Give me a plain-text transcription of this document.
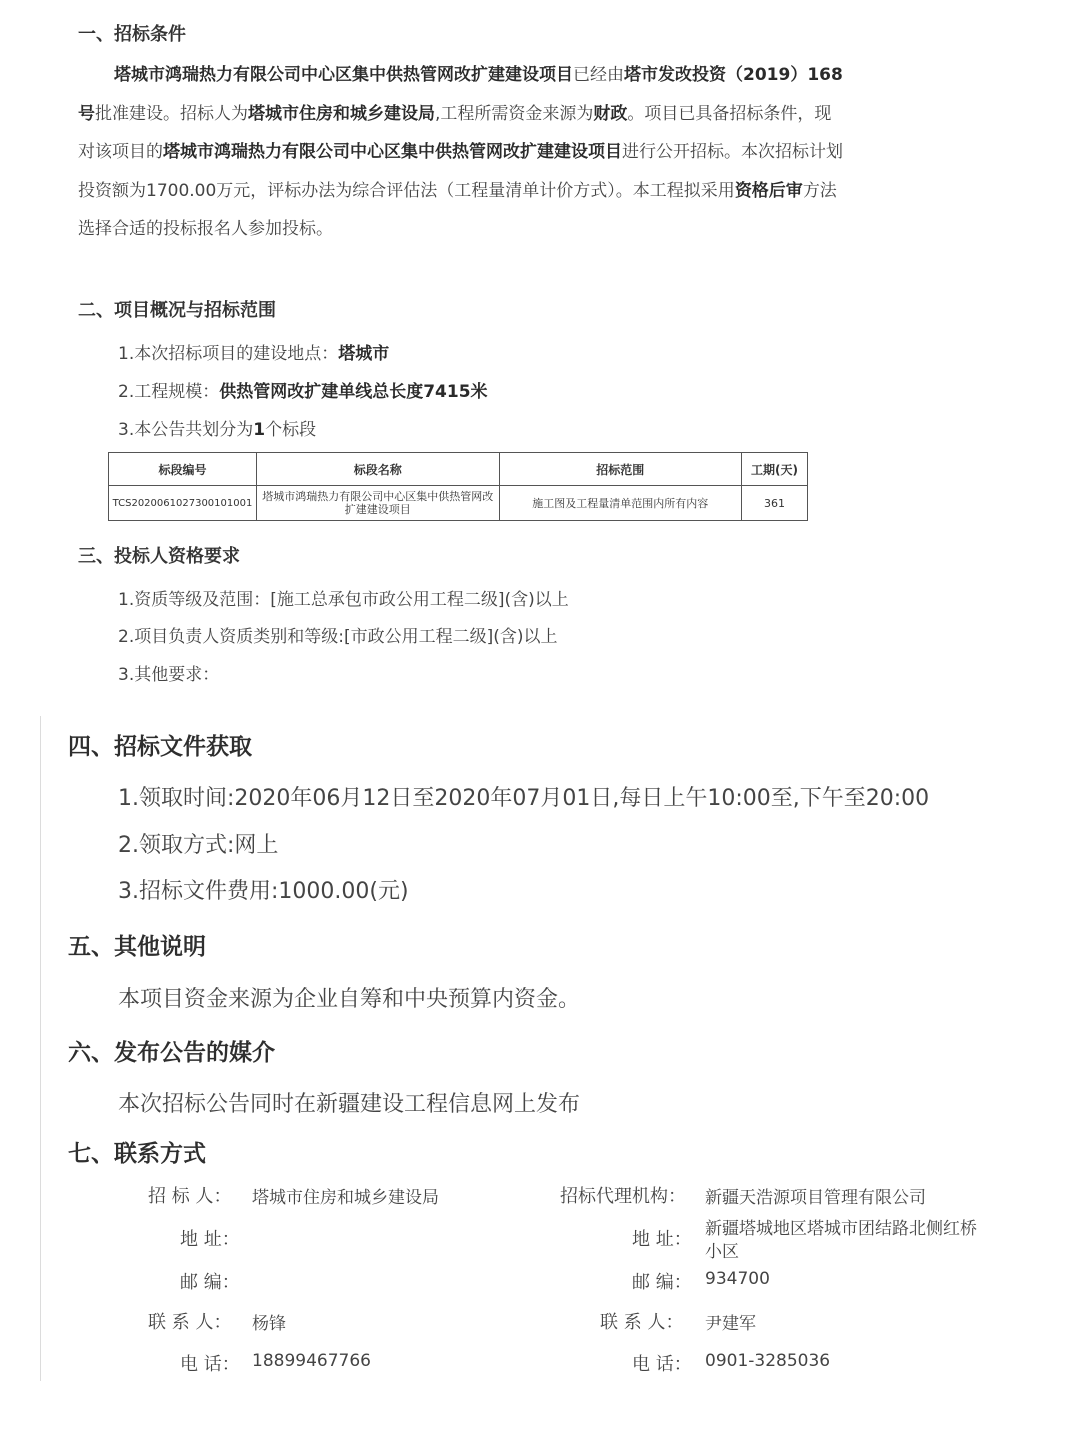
一、招标条件
塔城市鸿瑞热力有限公司中心区集中供热管网改扩建建设项目已经由塔市发改投资（2019）168号批准建设。招标人为塔城市住房和城乡建设局,工程所需资金来源为财政。项目已具备招标条件，现对该项目的塔城市鸿瑞热力有限公司中心区集中供热管网改扩建建设项目进行公开招标。本次招标计划投资额为1700.00万元，评标办法为综合评估法（工程量清单计价方式）。本工程拟采用资格后审方法选择合适的投标报名人参加投标。
二、项目概况与招标范围
1.本次招标项目的建设地点：塔城市
2.工程规模：供热管网改扩建单线总长度7415米
3.本公告共划分为1个标段
标段编号	标段名称	招标范围	工期(天)
TCS2020061027300101001	塔城市鸿瑞热力有限公司中心区集中供热管网改扩建建设项目	施工图及工程量清单范围内所有内容	361
三、投标人资格要求
1.资质等级及范围：[施工总承包市政公用工程二级](含)以上
2.项目负责人资质类别和等级:[市政公用工程二级](含)以上
3.其他要求：
四、招标文件获取
1.领取时间:2020年06月12日至2020年07月01日,每日上午10:00至,下午至20:00
2.领取方式:网上
3.招标文件费用:1000.00(元)
五、其他说明
本项目资金来源为企业自筹和中央预算内资金。
六、发布公告的媒介
本次招标公告同时在新疆建设工程信息网上发布
七、联系方式
招 标 人： 塔城市住房和城乡建设局
地 址：
邮 编：
联 系 人： 杨锋
电 话： 18899467766
招标代理机构： 新疆天浩源项目管理有限公司
地 址： 新疆塔城地区塔城市团结路北侧红桥
小区
邮 编： 934700
联 系 人： 尹建军
电 话： 0901-3285036
